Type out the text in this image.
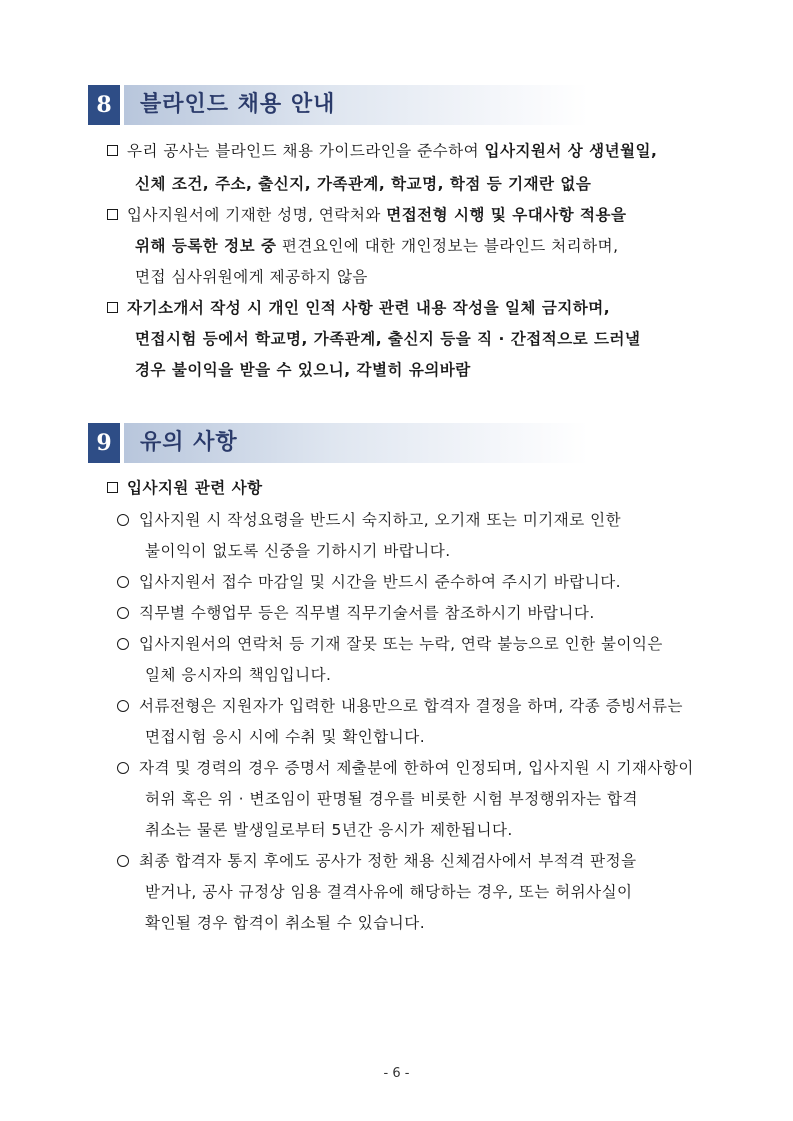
8	블라인드 채용 안내
우리 공사는 블라인드 채용 가이드라인을 준수하여 입사지원서 상 생년월일,
신체 조건, 주소, 출신지, 가족관계, 학교명, 학점 등 기재란 없음
입사지원서에 기재한 성명, 연락처와 면접전형 시행 및 우대사항 적용을
위해 등록한 정보 중 편견요인에 대한 개인정보는 블라인드 처리하며,
면접 심사위원에게 제공하지 않음
자기소개서 작성 시 개인 인적 사항 관련 내용 작성을 일체 금지하며,
면접시험 등에서 학교명, 가족관계, 출신지 등을 직 · 간접적으로 드러낼
경우 불이익을 받을 수 있으니, 각별히 유의바람
9	유의 사항
입사지원 관련 사항
입사지원 시 작성요령을 반드시 숙지하고, 오기재 또는 미기재로 인한
불이익이 없도록 신중을 기하시기 바랍니다.
입사지원서 접수 마감일 및 시간을 반드시 준수하여 주시기 바랍니다.
직무별 수행업무 등은 직무별 직무기술서를 참조하시기 바랍니다.
입사지원서의 연락처 등 기재 잘못 또는 누락, 연락 불능으로 인한 불이익은
일체 응시자의 책임입니다.
서류전형은 지원자가 입력한 내용만으로 합격자 결정을 하며, 각종 증빙서류는
면접시험 응시 시에 수취 및 확인합니다.
자격 및 경력의 경우 증명서 제출분에 한하여 인정되며, 입사지원 시 기재사항이
허위 혹은 위 · 변조임이 판명될 경우를 비롯한 시험 부정행위자는 합격
취소는 물론 발생일로부터 5년간 응시가 제한됩니다.
최종 합격자 통지 후에도 공사가 정한 채용 신체검사에서 부적격 판정을
받거나, 공사 규정상 임용 결격사유에 해당하는 경우, 또는 허위사실이
확인될 경우 합격이 취소될 수 있습니다.
- 6 -
